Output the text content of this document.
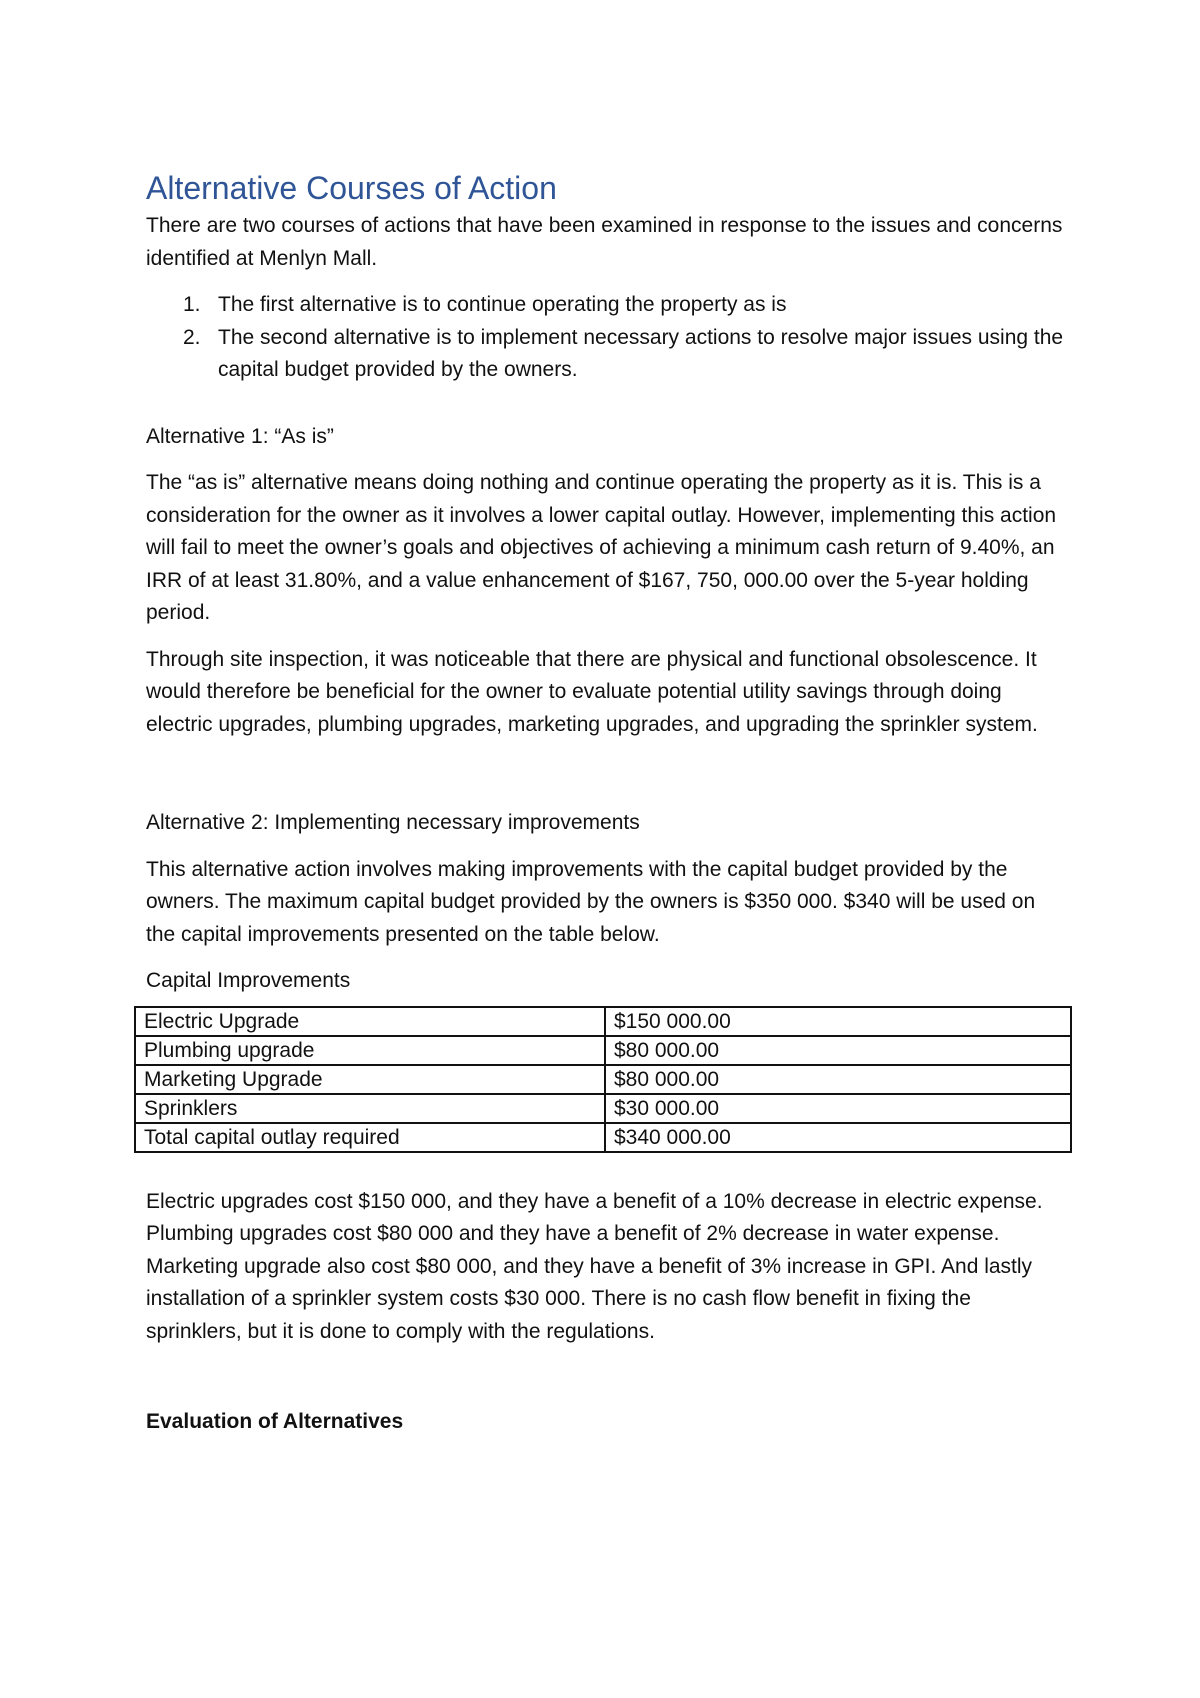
Alternative Courses of Action

There are two courses of actions that have been examined in response to the issues and concerns identified at Menlyn Mall.

1. The first alternative is to continue operating the property as is
2. The second alternative is to implement necessary actions to resolve major issues using the capital budget provided by the owners.

Alternative 1: “As is”

The “as is” alternative means doing nothing and continue operating the property as it is. This is a consideration for the owner as it involves a lower capital outlay. However, implementing this action will fail to meet the owner’s goals and objectives of achieving a minimum cash return of 9.40%, an IRR of at least 31.80%, and a value enhancement of $167, 750, 000.00 over the 5-year holding period.

Through site inspection, it was noticeable that there are physical and functional obsolescence. It would therefore be beneficial for the owner to evaluate potential utility savings through doing electric upgrades, plumbing upgrades, marketing upgrades, and upgrading the sprinkler system.

Alternative 2: Implementing necessary improvements

This alternative action involves making improvements with the capital budget provided by the owners. The maximum capital budget provided by the owners is $350 000. $340 will be used on the capital improvements presented on the table below.

Capital Improvements

Electric Upgrade	$150 000.00
Plumbing upgrade	$80 000.00
Marketing Upgrade	$80 000.00
Sprinklers	$30 000.00
Total capital outlay required	$340 000.00

Electric upgrades cost $150 000, and they have a benefit of a 10% decrease in electric expense. Plumbing upgrades cost $80 000 and they have a benefit of 2% decrease in water expense. Marketing upgrade also cost $80 000, and they have a benefit of 3% increase in GPI. And lastly installation of a sprinkler system costs $30 000. There is no cash flow benefit in fixing the sprinklers, but it is done to comply with the regulations.

Evaluation of Alternatives
